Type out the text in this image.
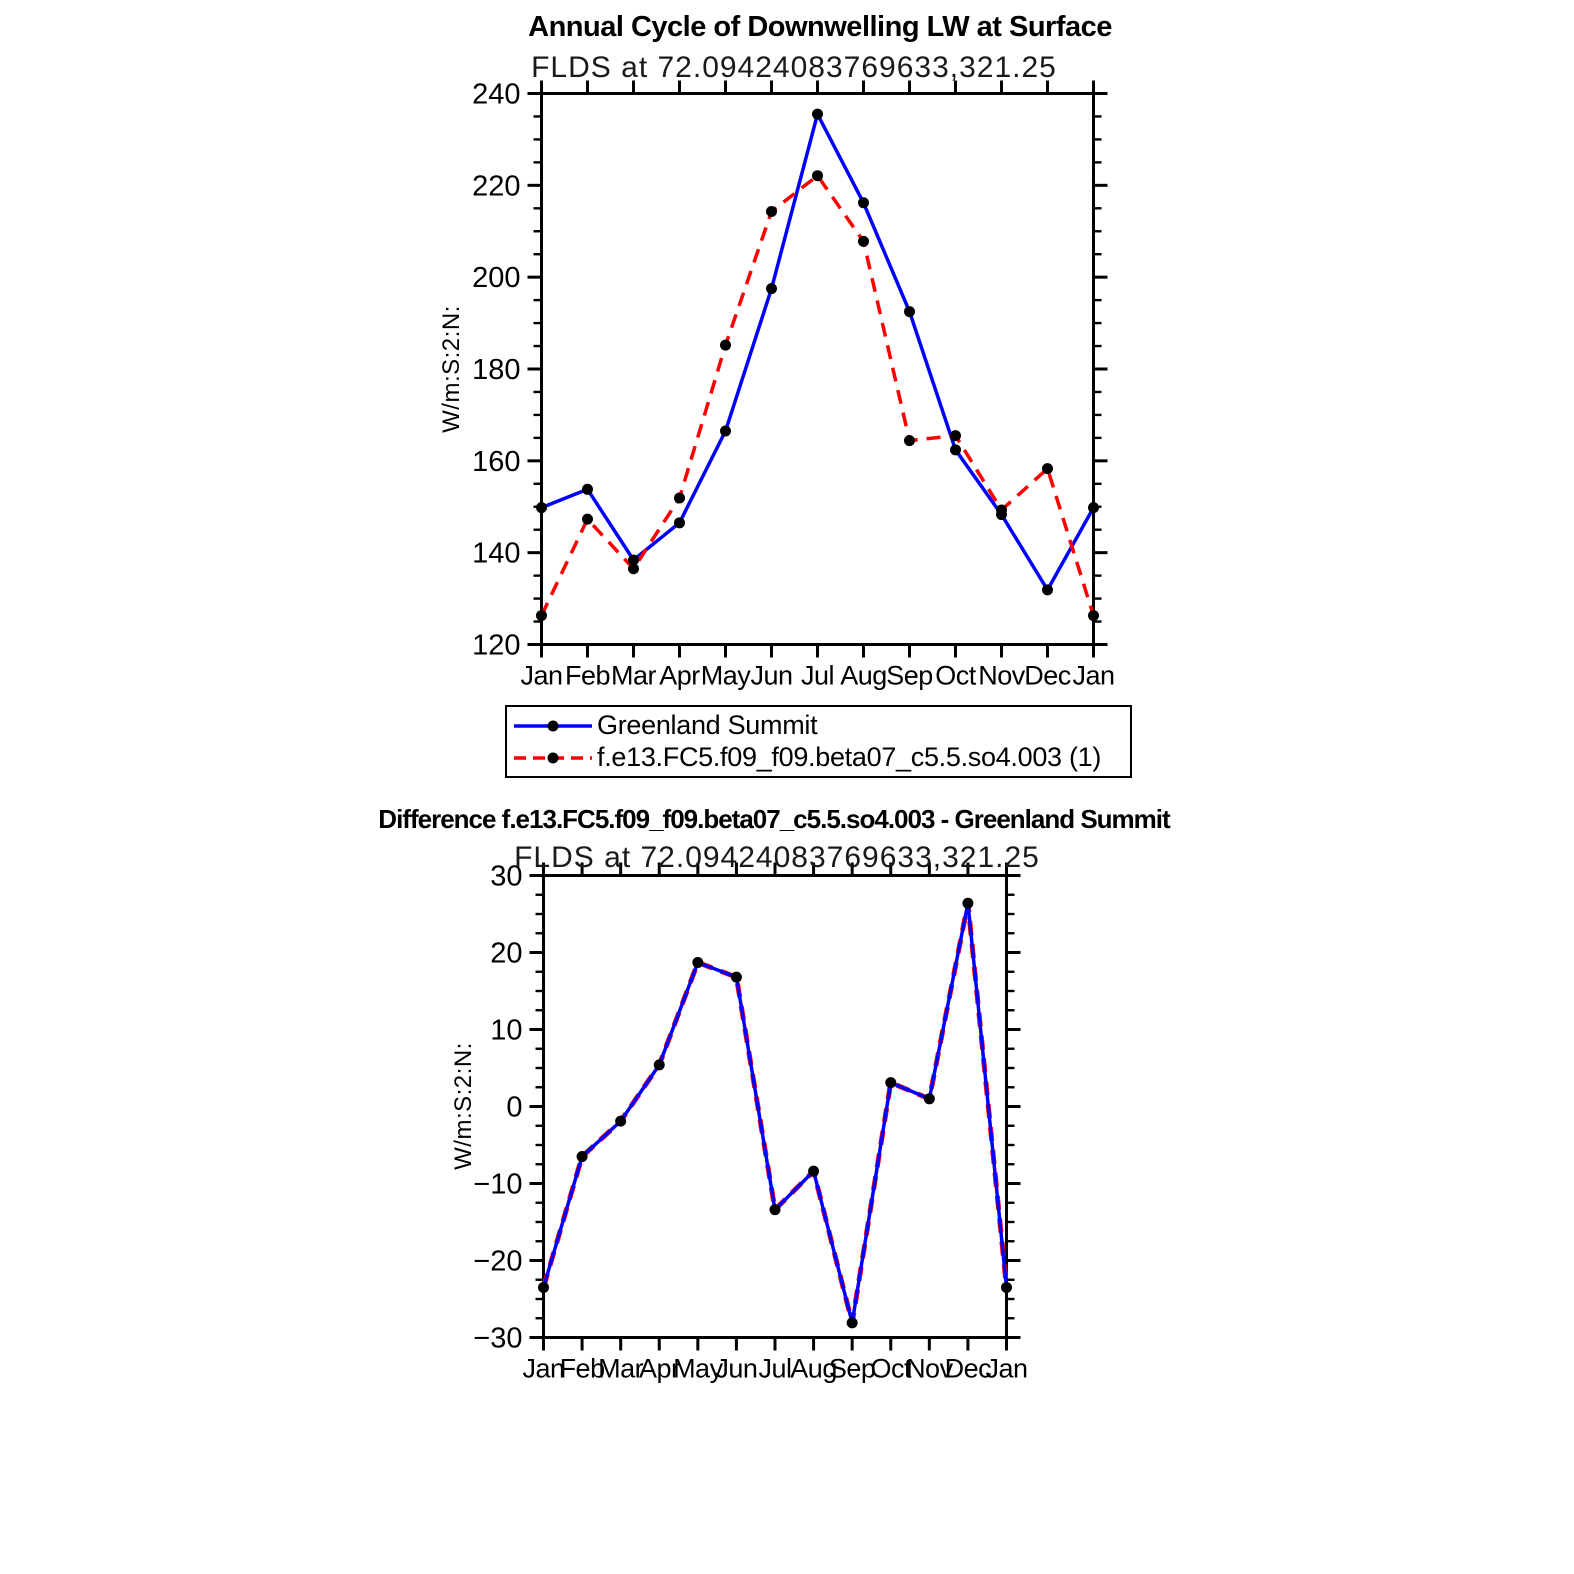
Jan Feb Mar Apr May Jun Jul Aug Sep Oct Nov Dec Jan
120
140
160
180
200
220
240
Jan
Feb
Mar
Apr
May
Jun Jul
Aug
Sep
Oct
Nov
Dec
Jan
−30
−20
−10
0
10
20
30
Annual Cycle of Downwelling LW at Surface
FLDS at 72.09424083769633,321.25
W/m:S:2:N:
Difference f.e13.FC5.f09_f09.beta07_c5.5.so4.003 - Greenland Summit
FLDS at 72.09424083769633,321.25
W/m:S:2:N:
Greenland Summit
f.e13.FC5.f09_f09.beta07_c5.5.so4.003 (1)
